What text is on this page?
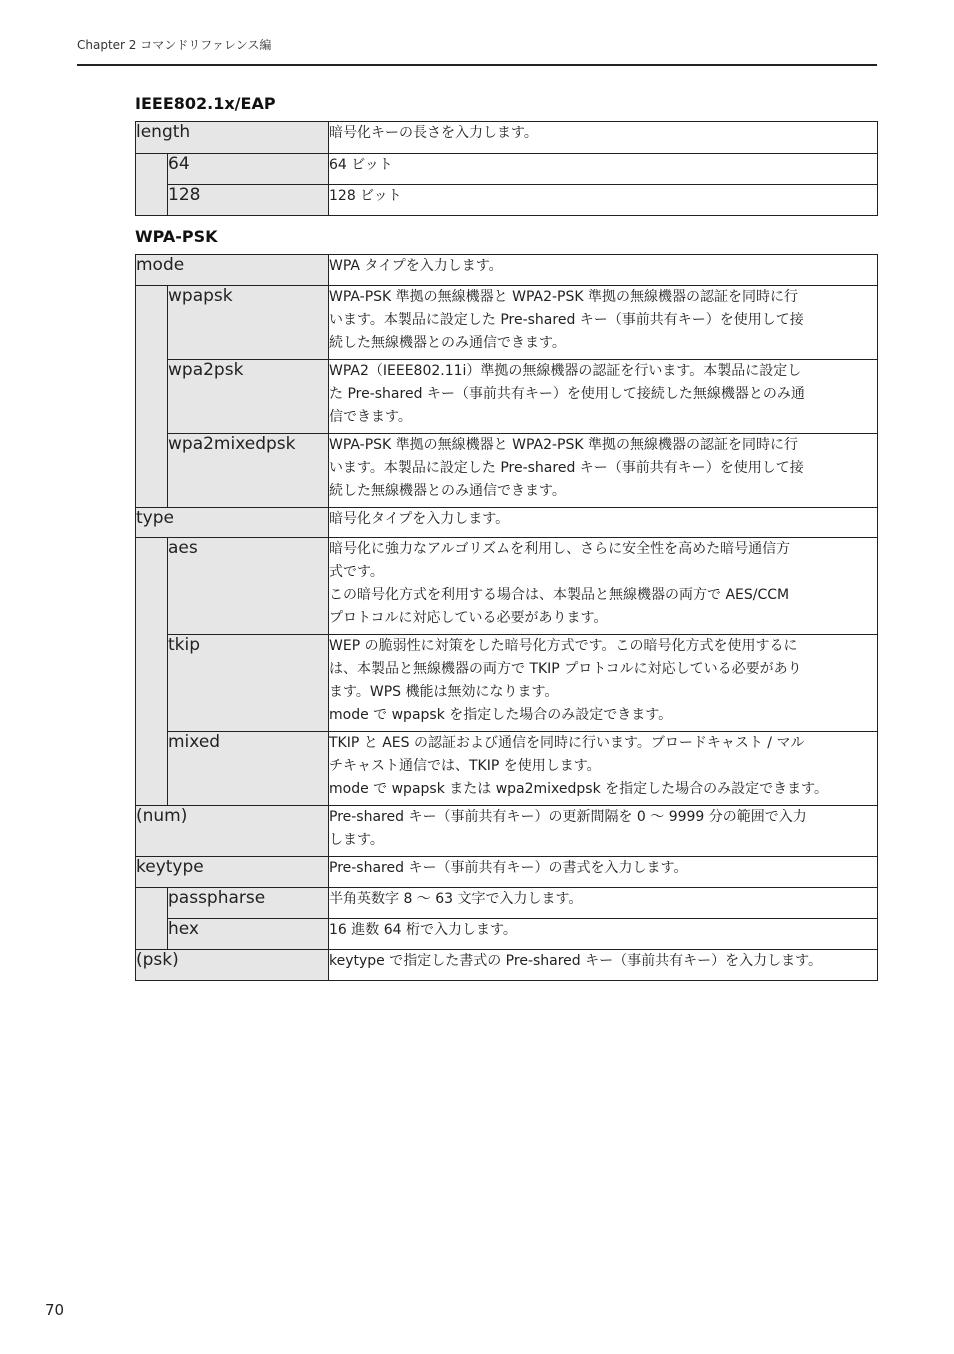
Chapter 2 コマンドリファレンス編
IEEE802.1x/EAP
length		暗号化キーの長さを入力します。
	64	64 ビット
	128	128 ビット
WPA-PSK
mode		WPA タイプを入力します。
	wpapsk	WPA-PSK 準拠の無線機器と WPA2-PSK 準拠の無線機器の認証を同時に行
います。本製品に設定した Pre-shared キー（事前共有キー）を使用して接
続した無線機器とのみ通信できます。

	wpa2psk	WPA2（IEEE802.11i）準拠の無線機器の認証を行います。本製品に設定し
た Pre-shared キー（事前共有キー）を使用して接続した無線機器とのみ通
信できます。

	wpa2mixedpsk	WPA-PSK 準拠の無線機器と WPA2-PSK 準拠の無線機器の認証を同時に行
います。本製品に設定した Pre-shared キー（事前共有キー）を使用して接
続した無線機器とのみ通信できます。

type		暗号化タイプを入力します。
	aes	暗号化に強力なアルゴリズムを利用し、さらに安全性を高めた暗号通信方
式です。
この暗号化方式を利用する場合は、本製品と無線機器の両方で AES/CCM
プロトコルに対応している必要があります。

	tkip	WEP の脆弱性に対策をした暗号化方式です。この暗号化方式を使用するに
は、本製品と無線機器の両方で TKIP プロトコルに対応している必要があり
ます。WPS 機能は無効になります。
mode で wpapsk を指定した場合のみ設定できます。

	mixed	TKIP と AES の認証および通信を同時に行います。ブロードキャスト / マル
チキャスト通信では、TKIP を使用します。
mode で wpapsk または wpa2mixedpsk を指定した場合のみ設定できます。

(num)		Pre-shared キー（事前共有キー）の更新間隔を 0 〜 9999 分の範囲で入力
します。

keytype		Pre-shared キー（事前共有キー）の書式を入力します。
	passpharse	半角英数字 8 〜 63 文字で入力します。
	hex	16 進数 64 桁で入力します。
(psk)		keytype で指定した書式の Pre-shared キー（事前共有キー）を入力します。
70
